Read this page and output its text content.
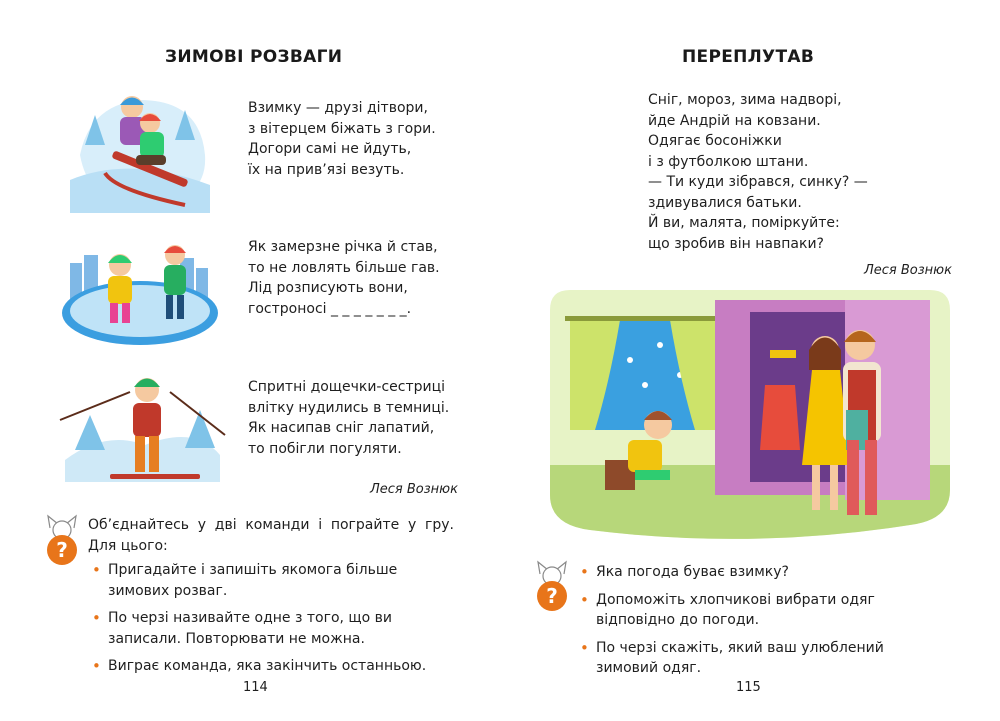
ЗИМОВІ РОЗВАГИ
Взимку — друзі дітвори,
з вітерцем біжать з гори.
Догори самі не йдуть,
їх на прив’язі везуть.
Як замерзне річка й став,
то не ловлять більше гав.
Лід розписують вони,
гостроносі _ _ _ _ _ _ _.
Спритні дощечки-сестриці
влітку нудились в темниці.
Як насипав сніг лапатий,
то побігли погуляти.
Леся Вознюк
?
Об’єднайтесь у дві команди і пограйте у гру. Для цього:
• Пригадайте і запишіть якомога більше зимових розваг.
• По черзі називайте одне з того, що ви записали. Повторювати не можна.
• Виграє команда, яка закінчить останньою.
114
ПЕРЕПЛУТАВ
Сніг, мороз, зима надворі,
йде Андрій на ковзани.
Одягає босоніжки
і з футболкою штани.
— Ти куди зібрався, синку? —
здивувалися батьки.
Й ви, малята, поміркуйте:
що зробив він навпаки?
Леся Вознюк
?
• Яка погода буває взимку?
• Допоможіть хлопчикові вибрати одяг відповідно до погоди.
• По черзі скажіть, який ваш улюблений зимовий одяг.
115
